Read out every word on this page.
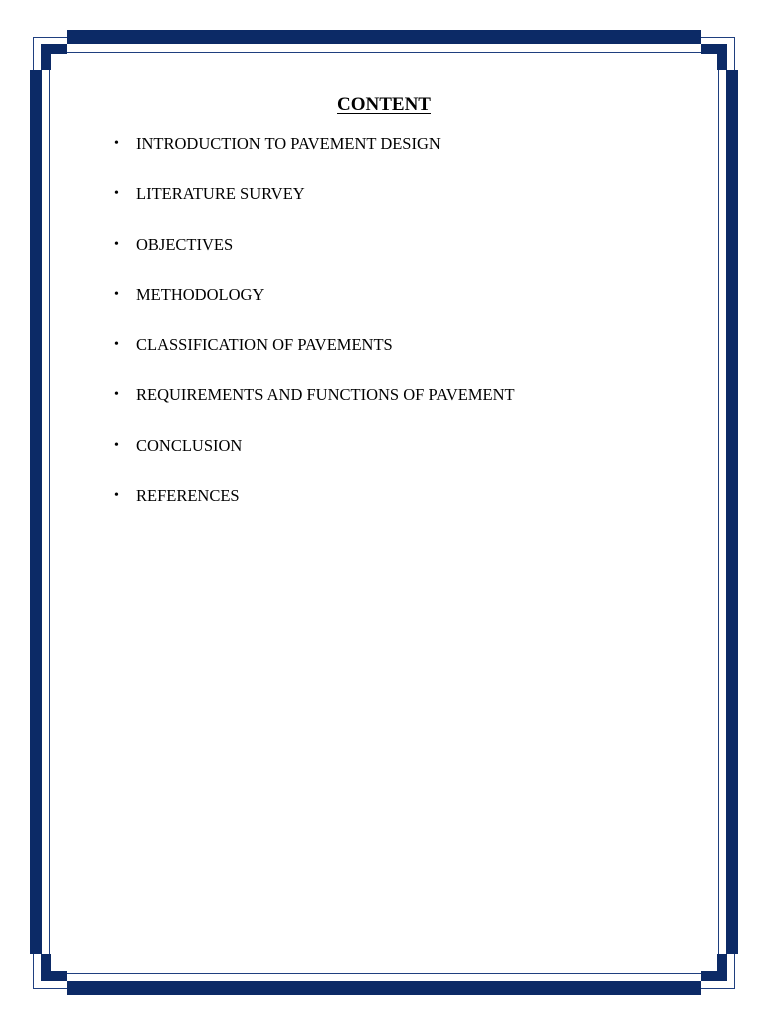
CONTENT
•	INTRODUCTION TO PAVEMENT DESIGN
•	LITERATURE SURVEY
•	OBJECTIVES
•	METHODOLOGY
•	CLASSIFICATION OF PAVEMENTS
•	REQUIREMENTS AND FUNCTIONS OF PAVEMENT
•	CONCLUSION
•	REFERENCES
